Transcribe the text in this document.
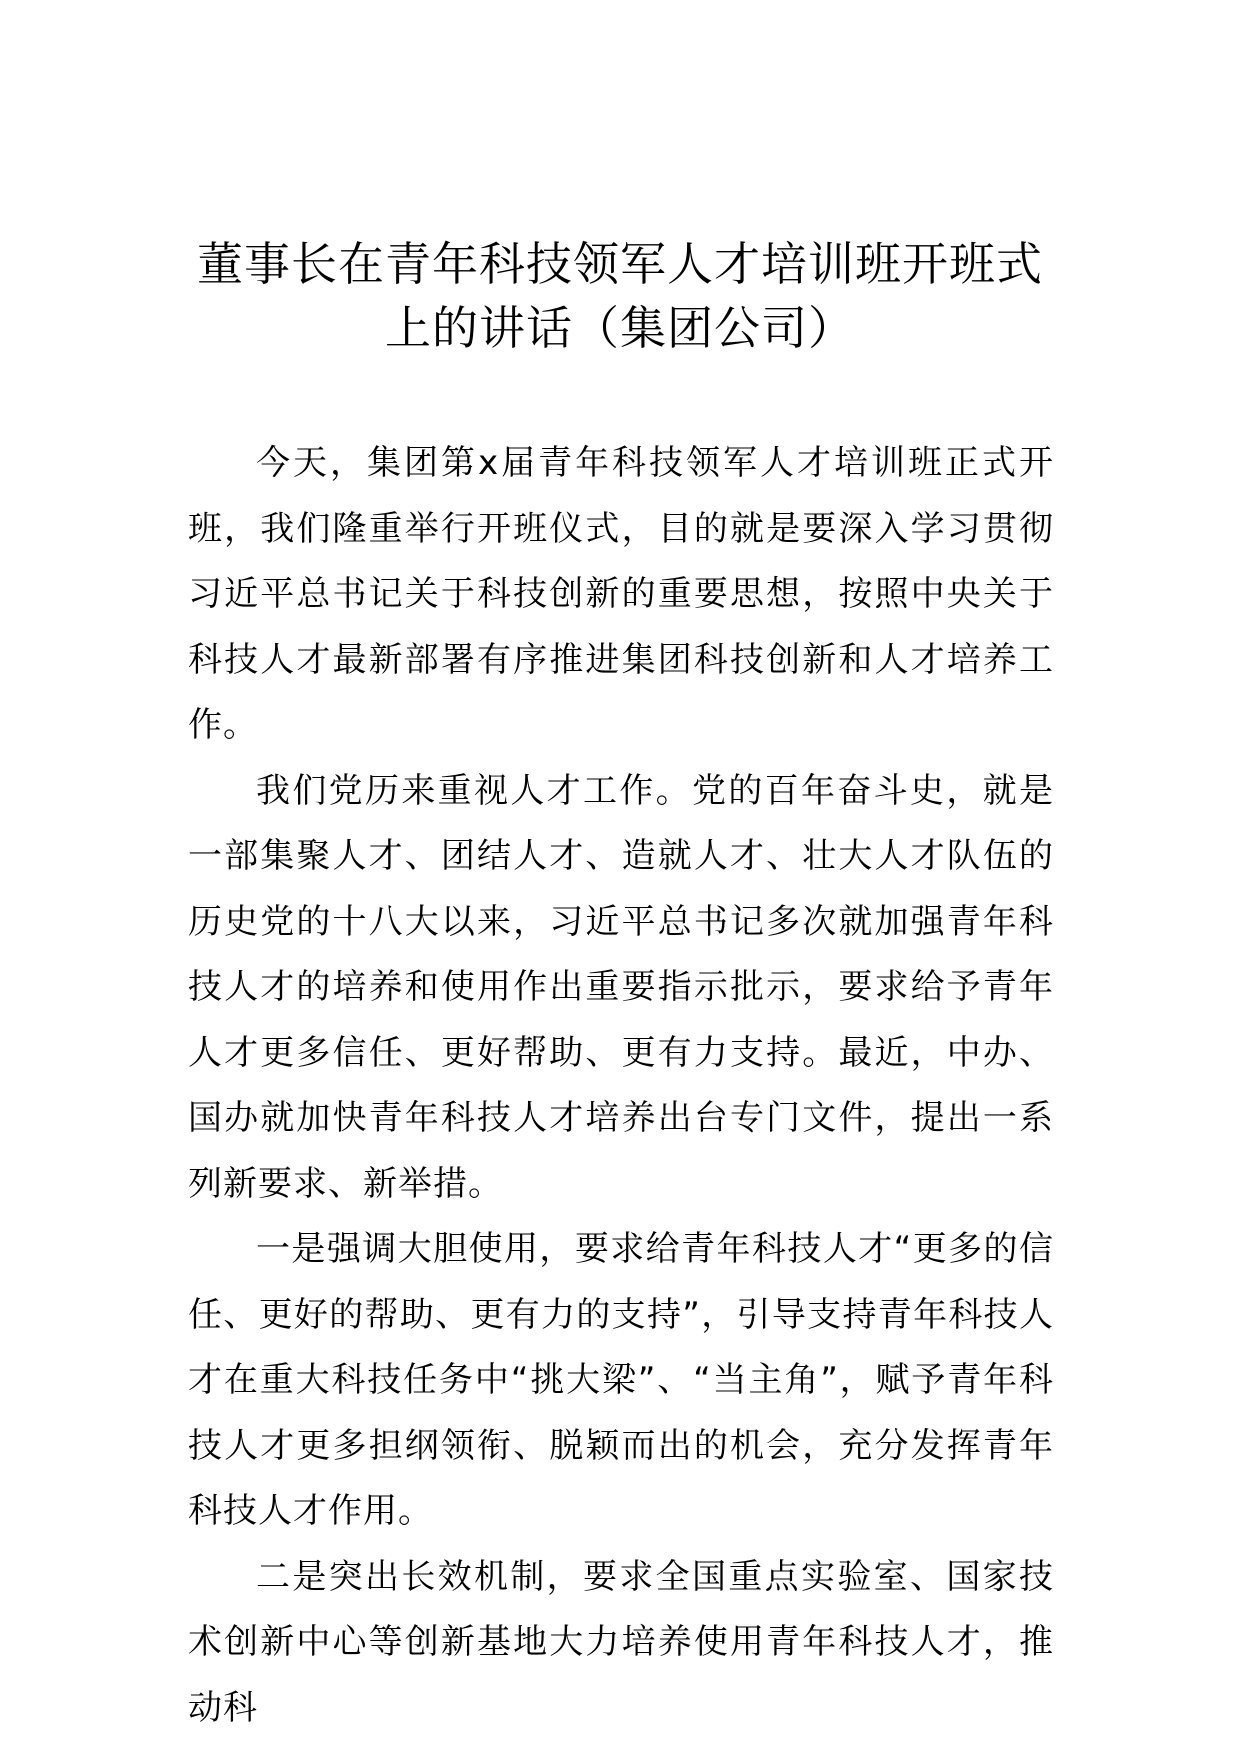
董事长在青年科技领军人才培训班开班式
上的讲话（集团公司）

今天，集团第x届青年科技领军人才培训班正式开班，我们隆重举行开班仪式，目的就是要深入学习贯彻习近平总书记关于科技创新的重要思想，按照中央关于科技人才最新部署有序推进集团科技创新和人才培养工作。

我们党历来重视人才工作。党的百年奋斗史，就是一部集聚人才、团结人才、造就人才、壮大人才队伍的历史党的十八大以来，习近平总书记多次就加强青年科技人才的培养和使用作出重要指示批示，要求给予青年人才更多信任、更好帮助、更有力支持。最近，中办、国办就加快青年科技人才培养出台专门文件，提出一系列新要求、新举措。

一是强调大胆使用，要求给青年科技人才“更多的信任、更好的帮助、更有力的支持”，引导支持青年科技人才在重大科技任务中“挑大梁”、“当主角”，赋予青年科技人才更多担纲领衔、脱颖而出的机会，充分发挥青年科技人才作用。

二是突出长效机制，要求全国重点实验室、国家技术创新中心等创新基地大力培养使用青年科技人才，推动科
